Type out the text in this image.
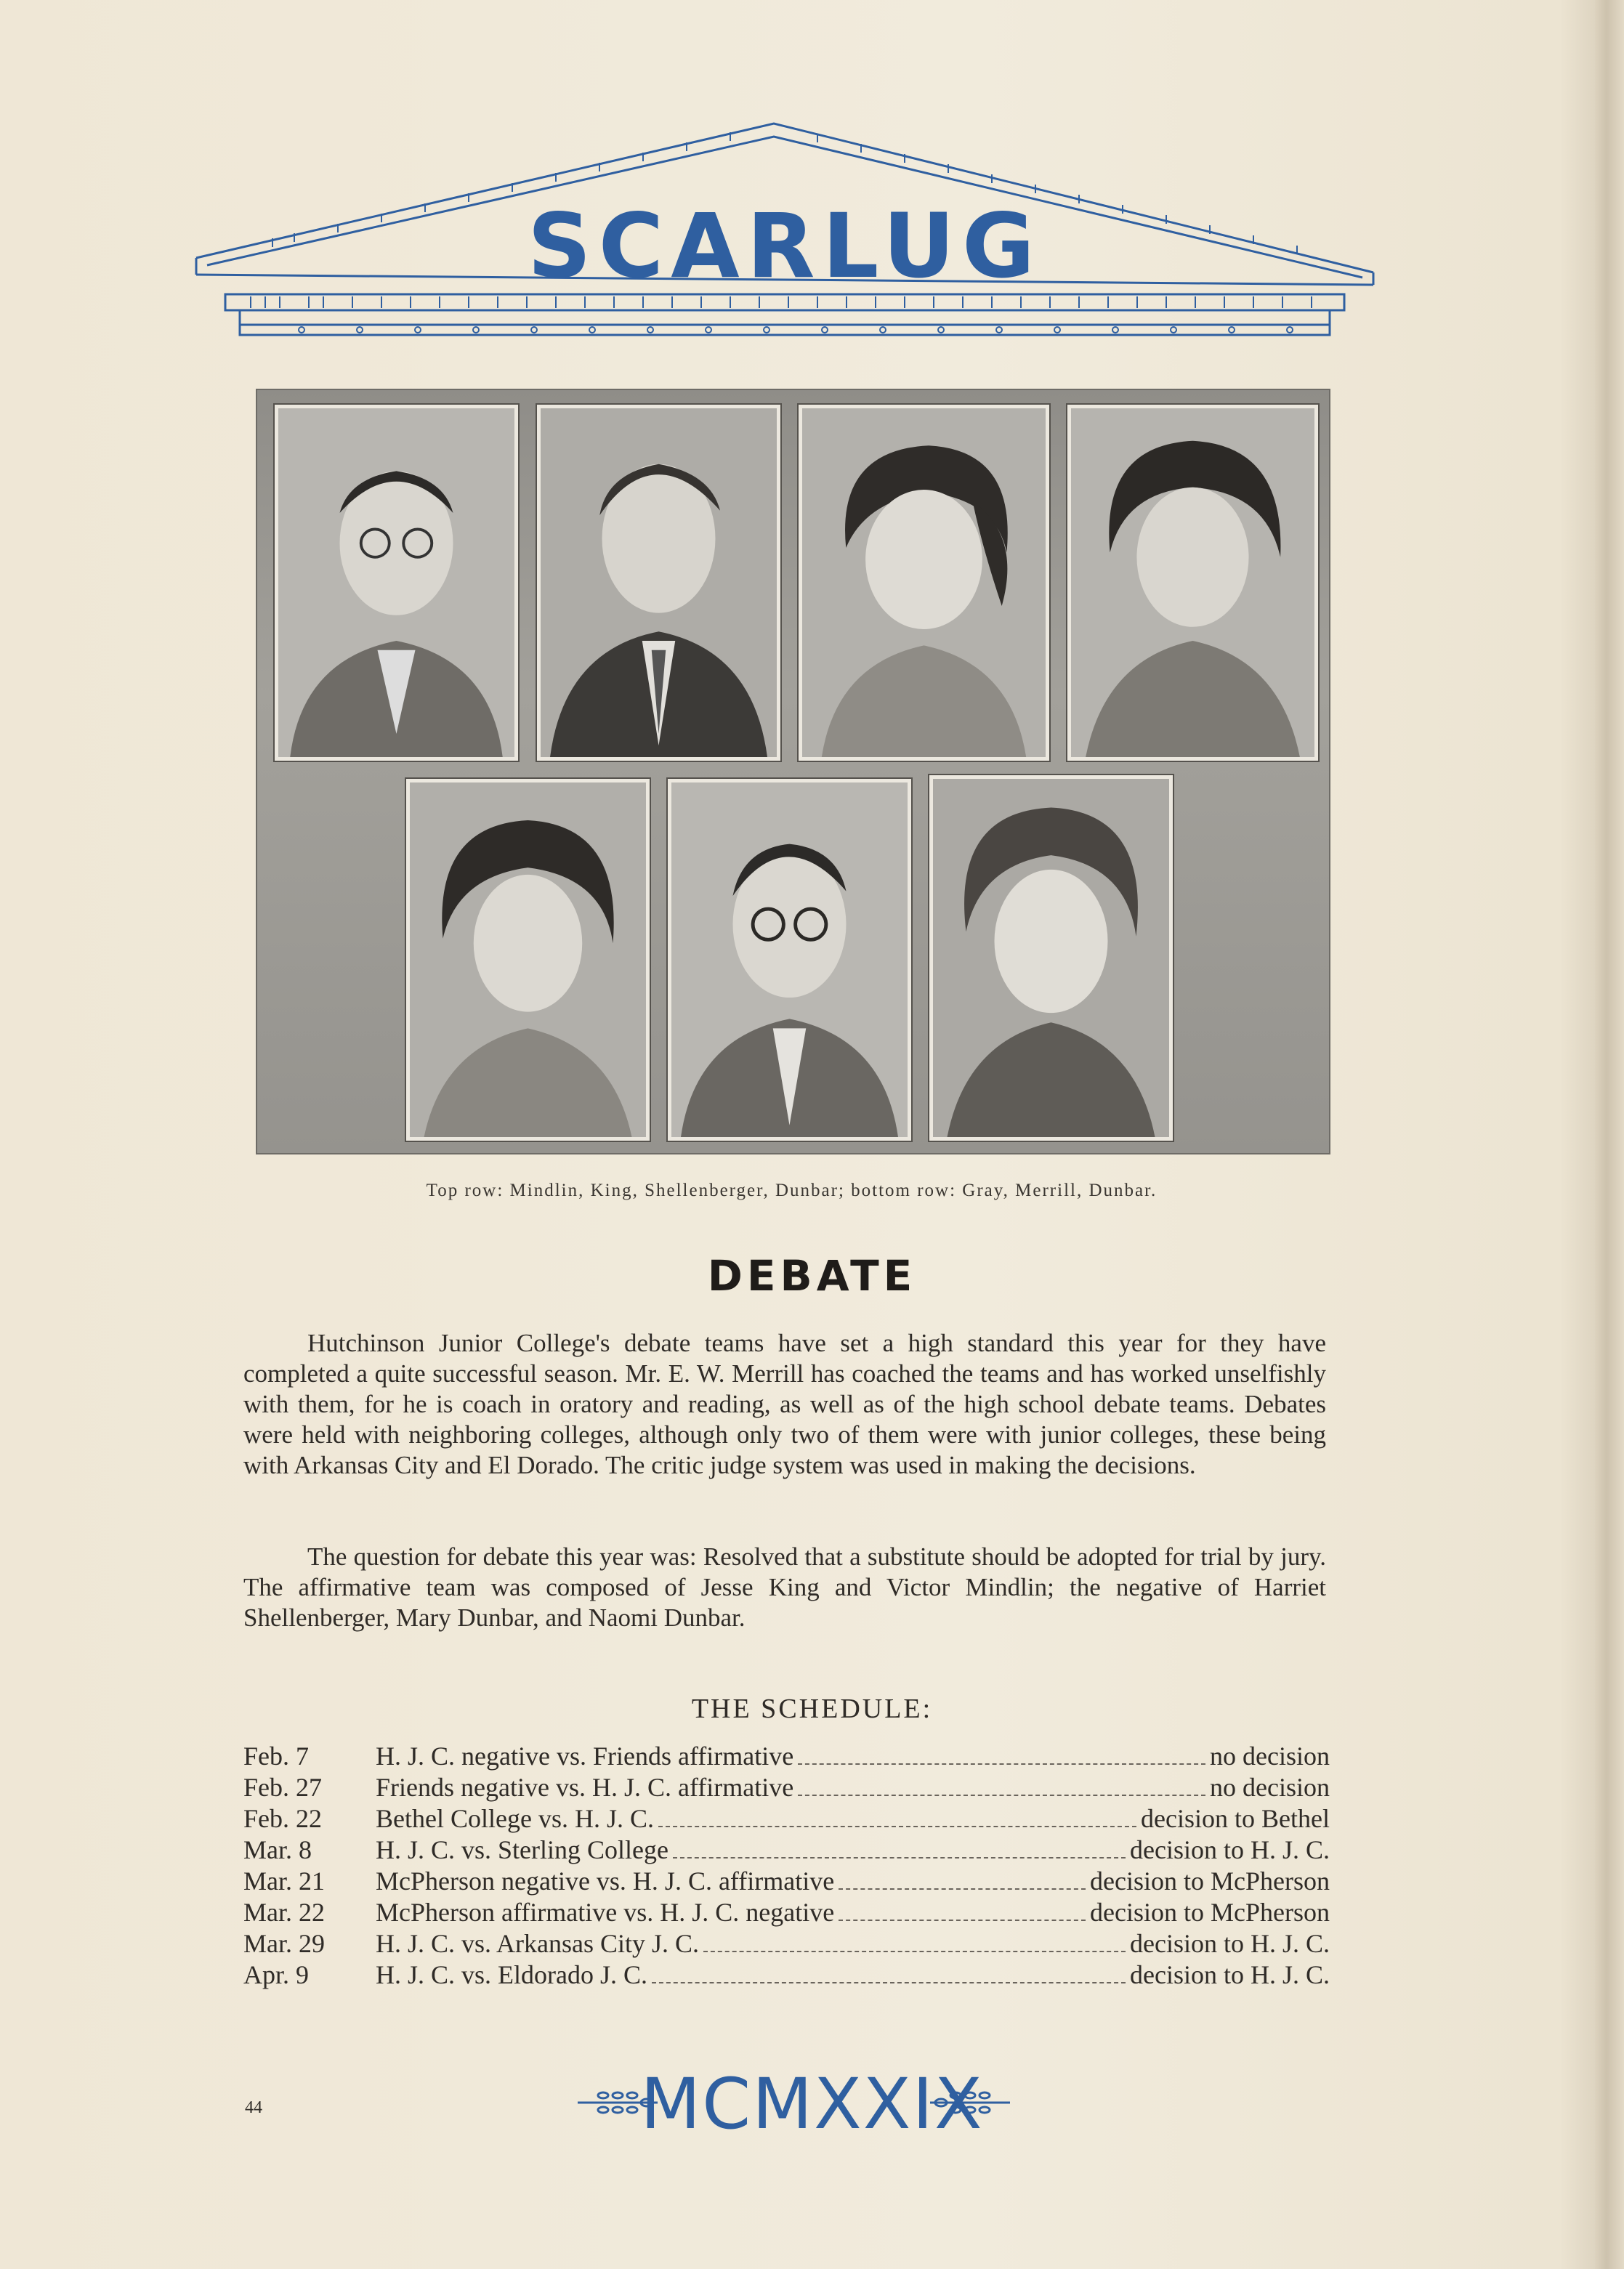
SCARLUG
Top row: Mindlin, King, Shellenberger, Dunbar; bottom row: Gray, Merrill, Dunbar.
DEBATE
Hutchinson Junior College's debate teams have set a high standard this year for they have completed a quite successful season. Mr. E. W. Merrill has coached the teams and has worked unselfishly with them, for he is coach in oratory and reading, as well as of the high school debate teams. Debates were held with neighboring colleges, although only two of them were with junior colleges, these being with Arkansas City and El Dorado. The critic judge system was used in making the decisions.
The question for debate this year was: Resolved that a substitute should be adopted for trial by jury. The affirmative team was composed of Jesse King and Victor Mindlin; the negative of Harriet Shellenberger, Mary Dunbar, and Naomi Dunbar.
THE SCHEDULE:
Feb. 7	H. J. C. negative vs. Friends affirmative	no decision
Feb. 27	Friends negative vs. H. J. C. affirmative	no decision
Feb. 22	Bethel College vs. H. J. C.	decision to Bethel
Mar. 8	H. J. C. vs. Sterling College	decision to H. J. C.
Mar. 21	McPherson negative vs. H. J. C. affirmative	decision to McPherson
Mar. 22	McPherson affirmative vs. H. J. C. negative	decision to McPherson
Mar. 29	H. J. C. vs. Arkansas City J. C.	decision to H. J. C.
Apr. 9	H. J. C. vs. Eldorado J. C.	decision to H. J. C.
44	MCMXXIX
